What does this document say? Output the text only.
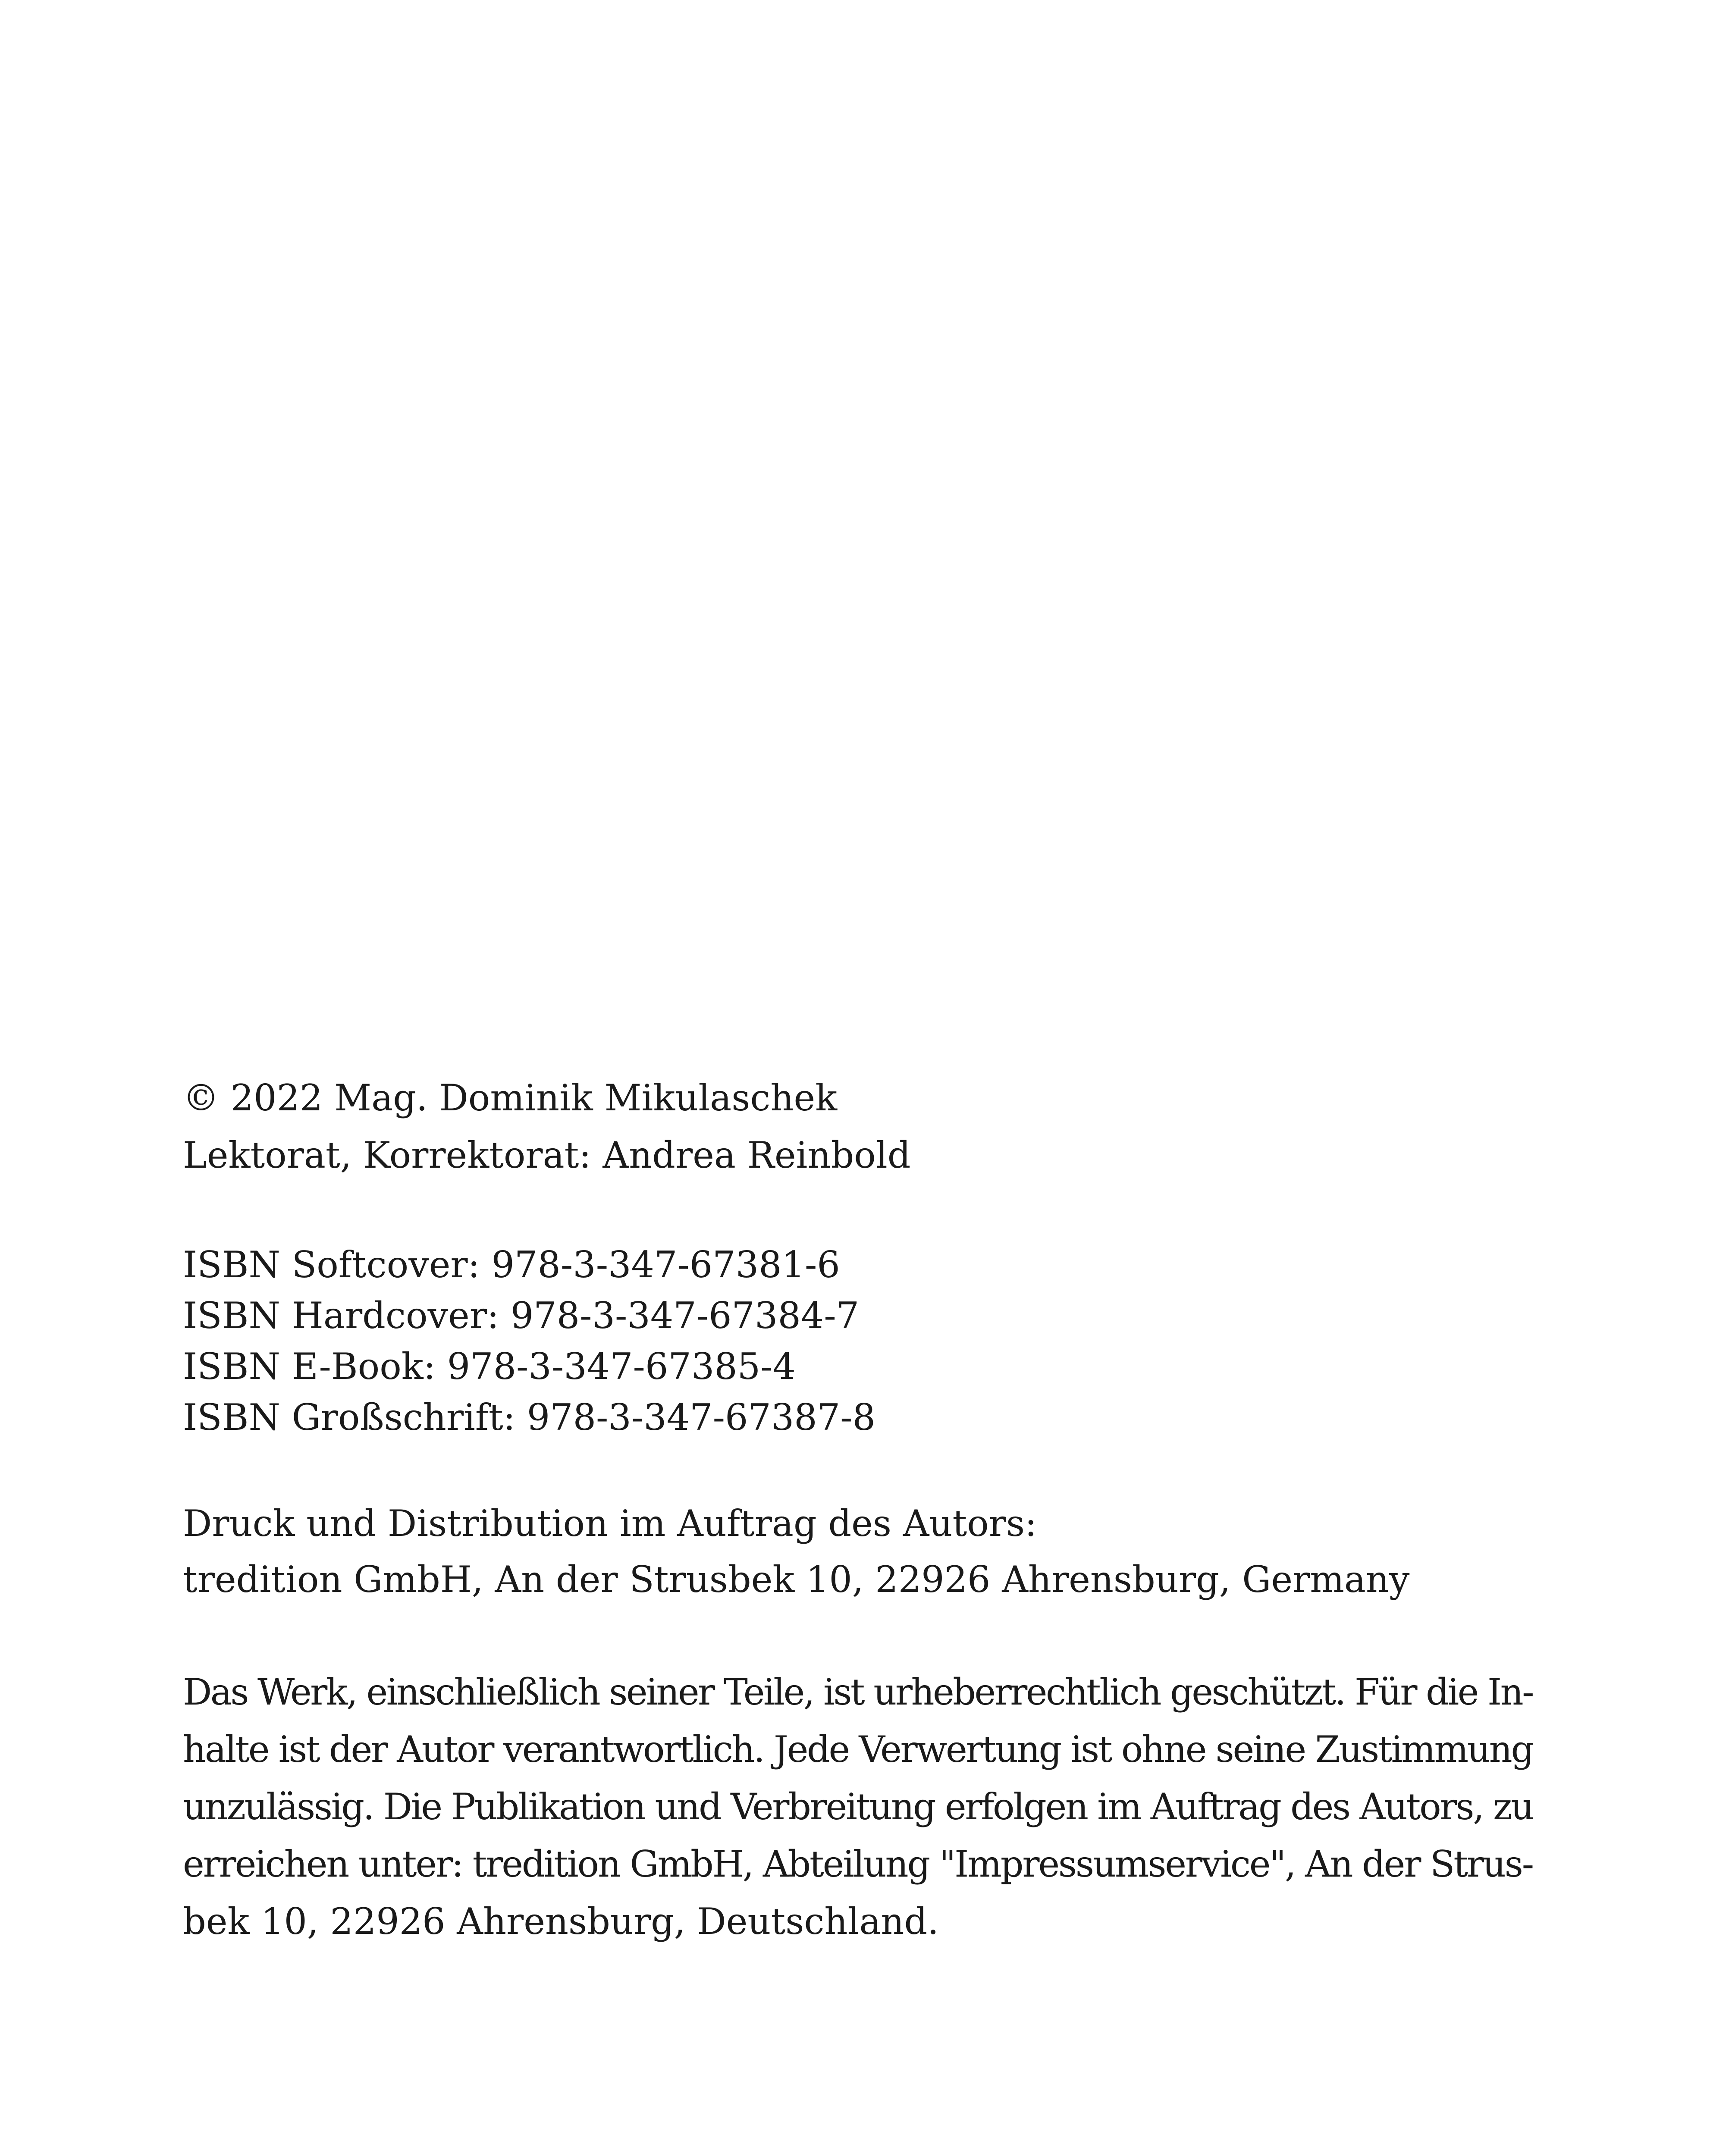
© 2022 Mag. Dominik Mikulaschek
Lektorat, Korrektorat: Andrea Reinbold
ISBN Softcover: 978-3-347-67381-6
ISBN Hardcover: 978-3-347-67384-7
ISBN E-Book: 978-3-347-67385-4
ISBN Großschrift: 978-3-347-67387-8
Druck und Distribution im Auftrag des Autors:
tredition GmbH, An der Strusbek 10, 22926 Ahrensburg, Germany
Das Werk, einschließlich seiner Teile, ist urheberrechtlich geschützt. Für die In-
halte ist der Autor verantwortlich. Jede Verwertung ist ohne seine Zustimmung
unzulässig. Die Publikation und Verbreitung erfolgen im Auftrag des Autors, zu
erreichen unter: tredition GmbH, Abteilung "Impressumservice", An der Strus-
bek 10, 22926 Ahrensburg, Deutschland.
